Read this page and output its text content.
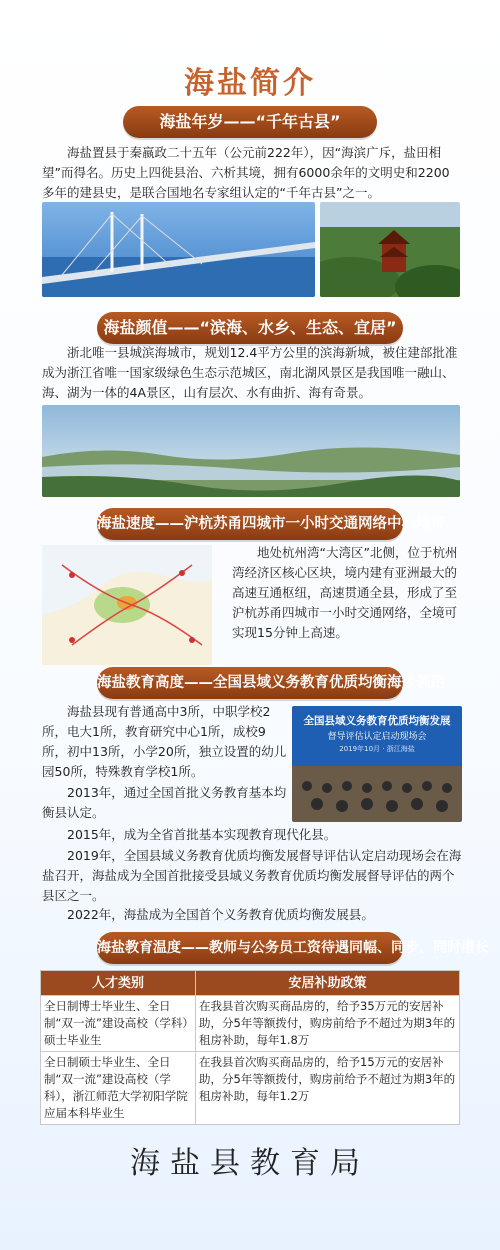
海盐简介
海盐年岁——“千年古县”
海盐置县于秦嬴政二十五年（公元前222年），因“海滨广斥，盐田相望”而得名。历史上四徙县治、六析其境，拥有6000余年的文明史和2200多年的建县史，是联合国地名专家组认定的“千年古县”之一。
海盐颜值——“滨海、水乡、生态、宜居”
浙北唯一县城滨海城市，规划12.4平方公里的滨海新城，被住建部批准成为浙江省唯一国家级绿色生态示范城区，南北湖风景区是我国唯一融山、海、湖为一体的4A景区，山有层次、水有曲折、海有奇景。
海盐速度——沪杭苏甬四城市一小时交通网络中心地带
地处杭州湾“大湾区”北侧，位于杭州湾经济区核心区块，境内建有亚洲最大的高速互通枢纽，高速贯通全县，形成了至沪杭苏甬四城市一小时交通网络，全境可实现15分钟上高速。
海盐教育高度——全国县域义务教育优质均衡海盐领跑
海盐县现有普通高中3所，中职学校2所，电大1所，教育研究中心1所，成校9所，初中13所，小学20所，独立设置的幼儿园50所，特殊教育学校1所。
2013年，通过全国首批义务教育基本均衡县认定。
全国县域义务教育优质均衡发展
督导评估认定启动现场会
2019年10月 · 浙江海盐
2015年，成为全省首批基本实现教育现代化县。
2019年，全国县域义务教育优质均衡发展督导评估认定启动现场会在海盐召开，海盐成为全国首批接受县域义务教育优质均衡发展督导评估的两个县区之一。
2022年，海盐成为全国首个义务教育优质均衡发展县。
海盐教育温度——教师与公务员工资待遇同幅、同步、同时增长
人才类别	安居补助政策
全日制博士毕业生、全日制“双一流”建设高校（学科）硕士毕业生	在我县首次购买商品房的，给予35万元的安居补助，分5年等额拨付，购房前给予不超过为期3年的租房补助，每年1.8万
全日制硕士毕业生、全日制“双一流”建设高校（学科），浙江师范大学初阳学院应届本科毕业生	在我县首次购买商品房的，给予15万元的安居补助，分5年等额拨付，购房前给予不超过为期3年的租房补助，每年1.2万
海盐县教育局
